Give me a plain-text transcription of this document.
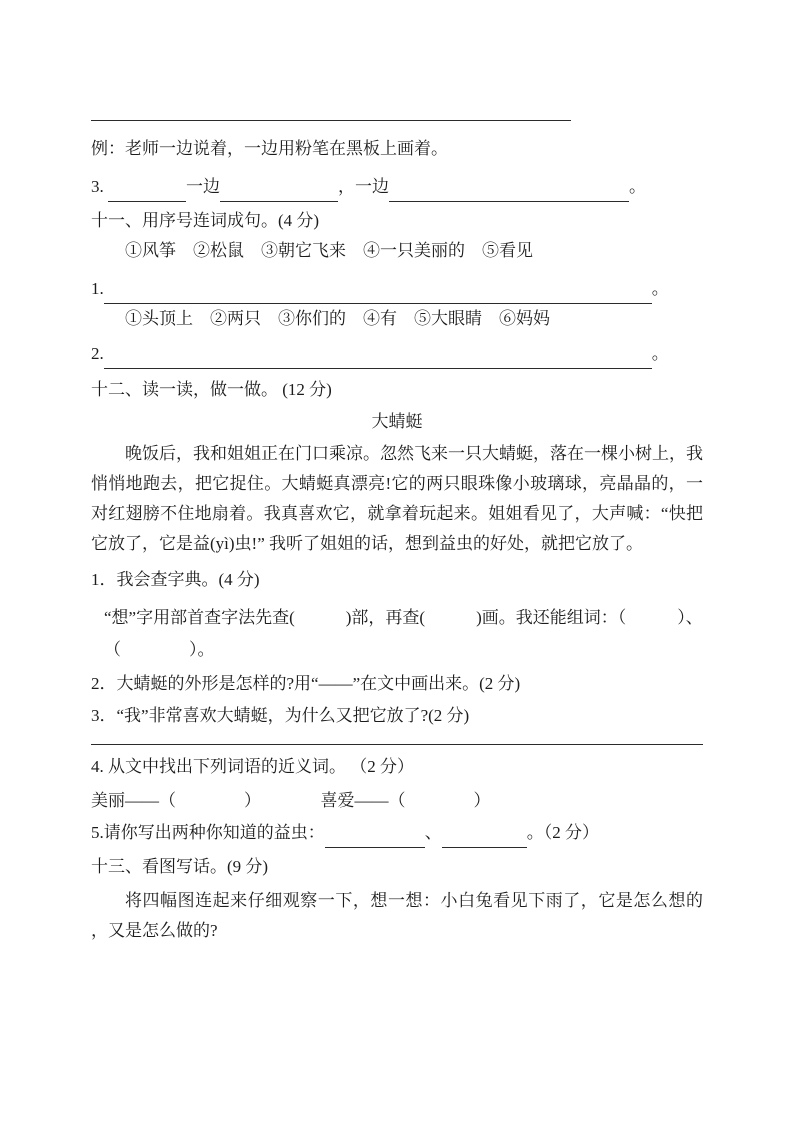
例：老师一边说着，一边用粉笔在黑板上画着。

3.	一边	，一边	。

十一、用序号连词成句。(4 分)

①风筝　②松鼠　③朝它飞来　④一只美丽的　⑤看见

1.	。

①头顶上　②两只　③你们的　④有　⑤大眼睛　⑥妈妈

2.	。

十二、读一读，做一做。 (12 分)

大蜻蜓

晚饭后，我和姐姐正在门口乘凉。忽然飞来一只大蜻蜓，落在一棵小树上，我悄悄地跑去，把它捉住。大蜻蜓真漂亮!它的两只眼珠像小玻璃球，亮晶晶的，一对红翅膀不住地扇着。我真喜欢它，就拿着玩起来。姐姐看见了，大声喊：“快把它放了，它是益(yì)虫!” 我听了姐姐的话，想到益虫的好处，就把它放了。

1．我会查字典。(4 分)

“想”字用部首查字法先查(　　　)部，再查(　　　)画。我还能组词：（　　　）、

（　　　　）。

2．大蜻蜓的外形是怎样的?用“——”在文中画出来。(2 分)

3．“我”非常喜欢大蜻蜓，为什么又把它放了?(2 分)

4. 从文中找出下列词语的近义词。 （2 分）

美丽——（　　　　）　　　　喜爱——（　　　　）

5.请你写出两种你知道的益虫：	、	。（2 分）

十三、看图写话。(9 分)

将四幅图连起来仔细观察一下，想一想：小白兔看见下雨了，它是怎么想的 ，又是怎么做的?
